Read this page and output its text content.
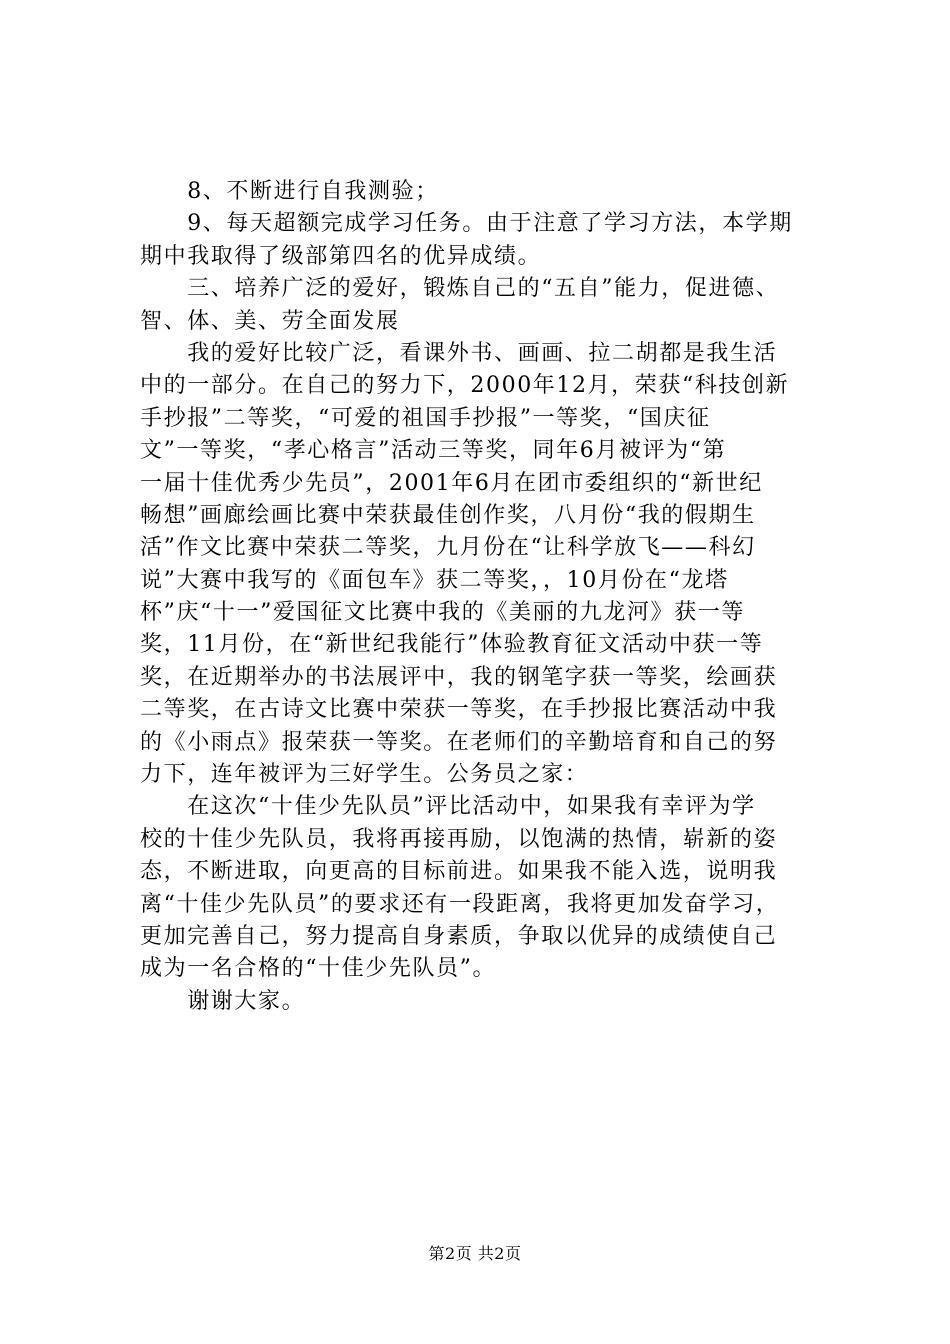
　　8、不断进行自我测验；
　　9、每天超额完成学习任务。由于注意了学习方法，本学期
期中我取得了级部第四名的优异成绩。
　　三、培养广泛的爱好，锻炼自己的“五自”能力，促进德、
智、体、美、劳全面发展
　　我的爱好比较广泛，看课外书、画画、拉二胡都是我生活
中的一部分。在自己的努力下，2000年12月，荣获“科技创新
手抄报”二等奖，“可爱的祖国手抄报”一等奖，“国庆征
文”一等奖，“孝心格言”活动三等奖，同年6月被评为“第
一届十佳优秀少先员”，2001年6月在团市委组织的“新世纪
畅想”画廊绘画比赛中荣获最佳创作奖，八月份“我的假期生
活”作文比赛中荣获二等奖，九月份在“让科学放飞——科幻
说”大赛中我写的《面包车》获二等奖，，10月份在“龙塔
杯”庆“十一”爱国征文比赛中我的《美丽的九龙河》获一等
奖，11月份，在“新世纪我能行”体验教育征文活动中获一等
奖，在近期举办的书法展评中，我的钢笔字获一等奖，绘画获
二等奖，在古诗文比赛中荣获一等奖，在手抄报比赛活动中我
的《小雨点》报荣获一等奖。在老师们的辛勤培育和自己的努
力下，连年被评为三好学生。公务员之家：
　　在这次“十佳少先队员”评比活动中，如果我有幸评为学
校的十佳少先队员，我将再接再励，以饱满的热情，崭新的姿
态，不断进取，向更高的目标前进。如果我不能入选，说明我
离“十佳少先队员”的要求还有一段距离，我将更加发奋学习，
更加完善自己，努力提高自身素质，争取以优异的成绩使自己
成为一名合格的“十佳少先队员”。
　　谢谢大家。
第2页 共2页
